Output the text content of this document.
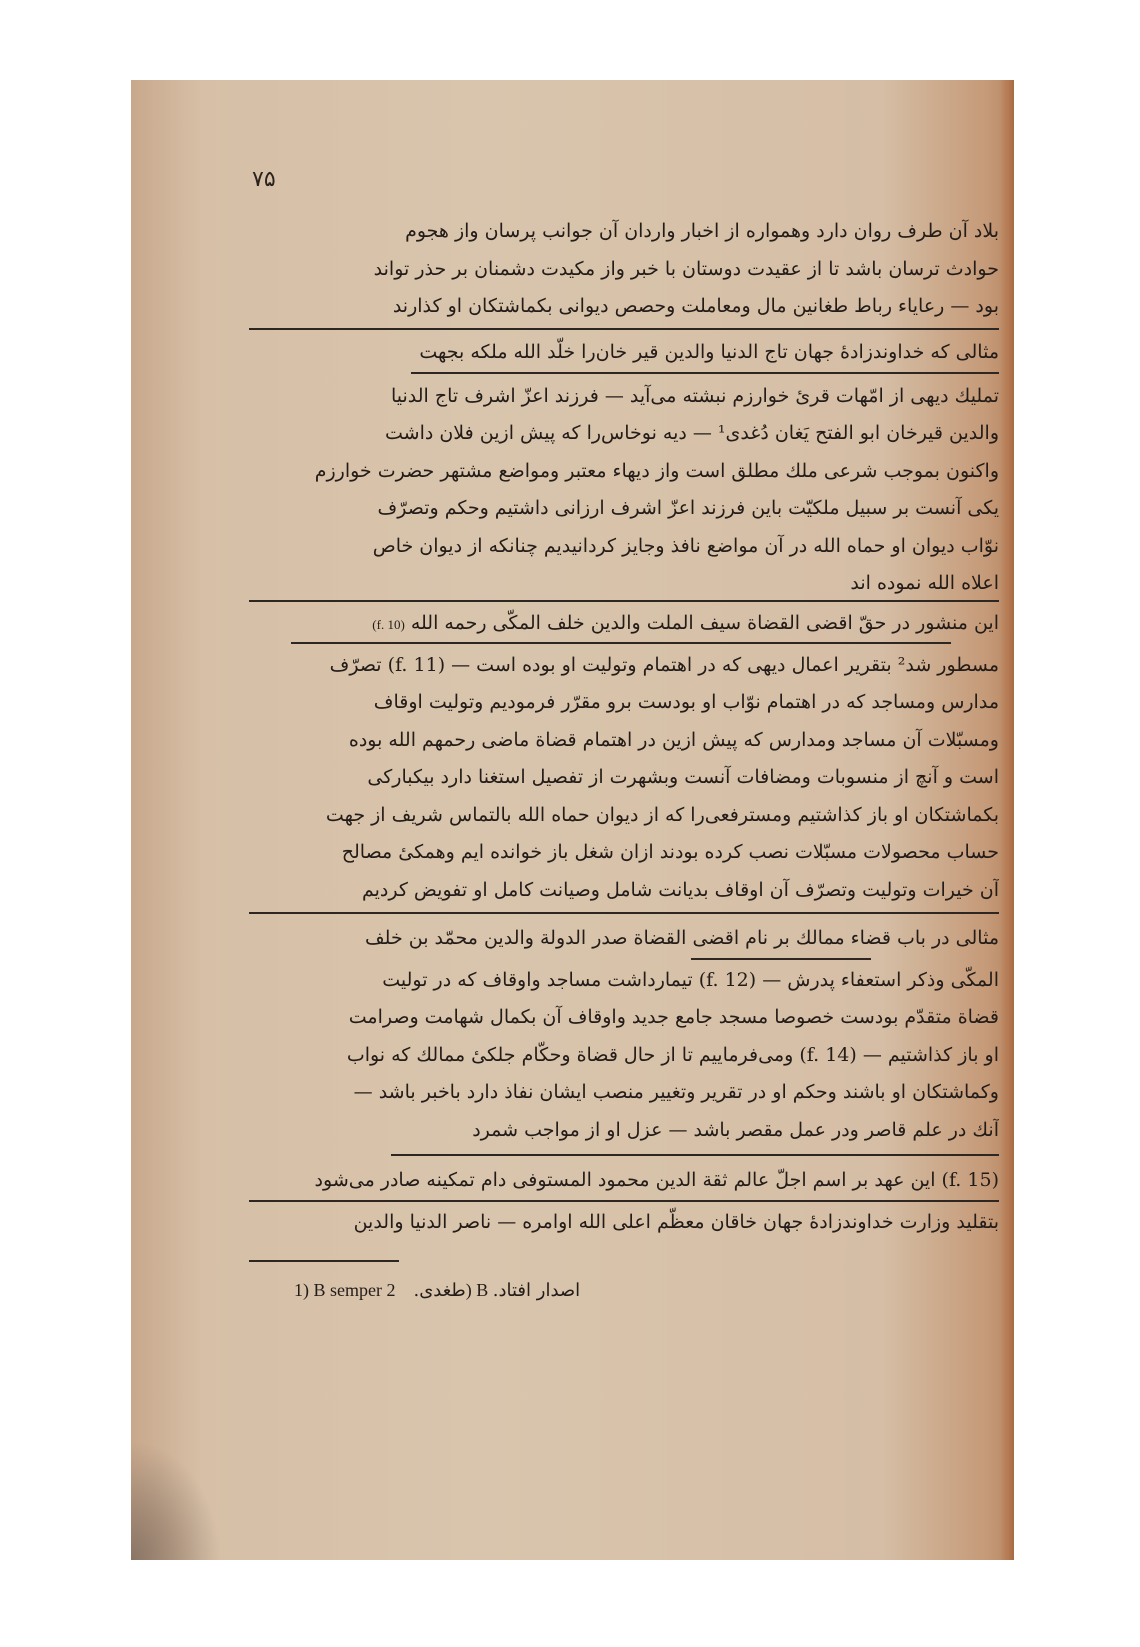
۷۵
بلاد آن طرف روان دارد وهمواره از اخبار واردان آن جوانب پرسان واز هجوم
حوادث ترسان باشد تا از عقیدت دوستان با خبر واز مکیدت دشمنان بر حذر تواند
بود — رعایاء رباط طغانین مال ومعاملت وحصص دیوانی بکماشتکان او کذارند
مثالی که خداوندزادهٔ جهان تاج الدنیا والدین قیر خان‌را خلّد الله ملکه بجهت
تملیك دیهی از امّهات قریٔ خوارزم نبشته می‌آید — فرزند اعزّ اشرف تاج الدنیا
والدین قیرخان ابو الفتح یَغان دُغدی¹ — دیه نوخاس‌را که پیش ازین فلان داشت
واکنون بموجب شرعی ملك مطلق است واز دیهاء معتبر ومواضع مشتهر حضرت خوارزم
یکی آنست بر سبیل ملکیّت باین فرزند اعزّ اشرف ارزانی داشتیم وحکم وتصرّف
نوّاب دیوان او حماه الله در آن مواضع نافذ وجایز کردانیدیم چنانکه از دیوان خاص
اعلاه الله نموده اند
این منشور در حقّ اقضی القضاة سیف الملت والدین خلف المکّی رحمه الله (f. 10)
مسطور شد² بتقریر اعمال دیهی که در اهتمام وتولیت او بوده است — (f. 11) تصرّف
مدارس ومساجد که در اهتمام نوّاب او بودست برو مقرّر فرمودیم وتولیت اوقاف
ومسبّلات آن مساجد ومدارس که پیش ازین در اهتمام قضاة ماضی رحمهم الله بوده
است و آنچ از منسوبات ومضافات آنست وبشهرت از تفصیل استغنا دارد بیکبارکی
بکماشتکان او باز کذاشتیم ومسترفعی‌را که از دیوان حماه الله بالتماس شریف از جهت
حساب محصولات مسبّلات نصب کرده بودند ازان شغل باز خوانده ایم وهمکیٔ مصالح
آن خیرات وتولیت وتصرّف آن اوقاف بدیانت شامل وصیانت کامل او تفویض کردیم
مثالی در باب قضاء ممالك بر نام اقضی القضاة صدر الدولة والدین محمّد بن خلف
المکّی وذکر استعفاء پدرش — (f. 12) تیمارداشت مساجد واوقاف که در تولیت
قضاة متقدّم بودست خصوصا مسجد جامع جدید واوقاف آن بکمال شهامت وصرامت
او باز کذاشتیم — (f. 14) ومی‌فرماییم تا از حال قضاة وحکّام جلکیٔ ممالك که نواب
وکماشتکان او باشند وحکم او در تقریر وتغییر منصب ایشان نفاذ دارد باخبر باشد —
آنك در علم قاصر ودر عمل مقصر باشد — عزل او از مواجب شمرد
(f. 15) این عهد بر اسم اجلّ عالم ثقة الدین محمود المستوفی دام تمکینه صادر می‌شود
بتقلید وزارت خداوندزادهٔ جهان خاقان معظّم اعلی الله اوامره — ناصر الدنیا والدین
1) B semper طغدی.    2) B اصدار افتاد.
